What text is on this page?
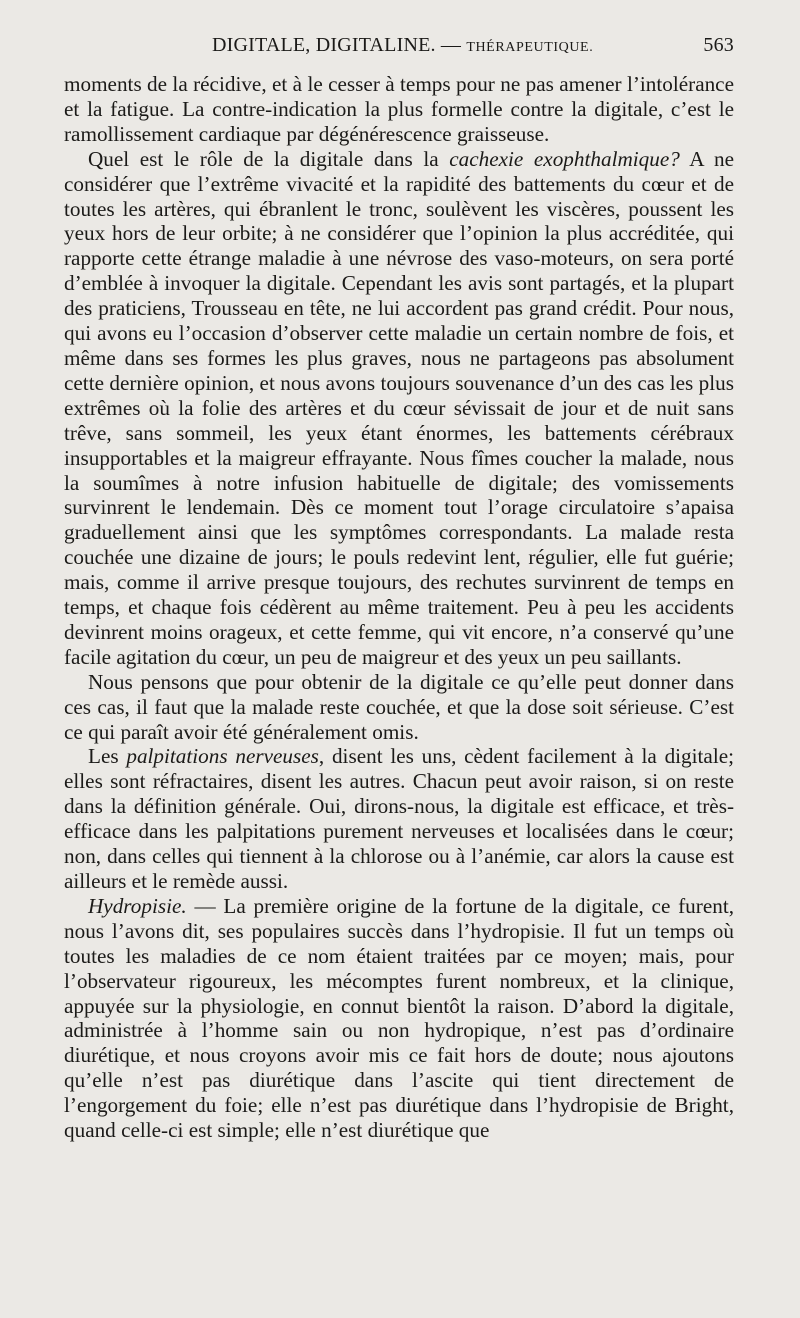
DIGITALE, DIGITALINE. — THÉRAPEUTIQUE.	563

moments de la récidive, et à le cesser à temps pour ne pas amener l’intolérance et la fatigue. La contre-indication la plus formelle contre la digitale, c’est le ramollissement cardiaque par dégénérescence graisseuse.

Quel est le rôle de la digitale dans la cachexie exophthalmique? A ne considérer que l’extrême vivacité et la rapidité des battements du cœur et de toutes les artères, qui ébranlent le tronc, soulèvent les viscères, poussent les yeux hors de leur orbite; à ne considérer que l’opinion la plus accréditée, qui rapporte cette étrange maladie à une névrose des vaso-moteurs, on sera porté d’emblée à invoquer la digitale. Cependant les avis sont partagés, et la plupart des praticiens, Trousseau en tête, ne lui accordent pas grand crédit. Pour nous, qui avons eu l’occasion d’observer cette maladie un certain nombre de fois, et même dans ses formes les plus graves, nous ne partageons pas absolument cette dernière opinion, et nous avons toujours souvenance d’un des cas les plus extrêmes où la folie des artères et du cœur sévissait de jour et de nuit sans trêve, sans sommeil, les yeux étant énormes, les battements cérébraux insupportables et la maigreur effrayante. Nous fîmes coucher la malade, nous la soumîmes à notre infusion habituelle de digitale; des vomissements survinrent le lendemain. Dès ce moment tout l’orage circulatoire s’apaisa graduellement ainsi que les symptômes correspondants. La malade resta couchée une dizaine de jours; le pouls redevint lent, régulier, elle fut guérie; mais, comme il arrive presque toujours, des rechutes survinrent de temps en temps, et chaque fois cédèrent au même traitement. Peu à peu les accidents devinrent moins orageux, et cette femme, qui vit encore, n’a conservé qu’une facile agitation du cœur, un peu de maigreur et des yeux un peu saillants.

Nous pensons que pour obtenir de la digitale ce qu’elle peut donner dans ces cas, il faut que la malade reste couchée, et que la dose soit sérieuse. C’est ce qui paraît avoir été généralement omis.

Les palpitations nerveuses, disent les uns, cèdent facilement à la digitale; elles sont réfractaires, disent les autres. Chacun peut avoir raison, si on reste dans la définition générale. Oui, dirons-nous, la digitale est efficace, et très-efficace dans les palpitations purement nerveuses et localisées dans le cœur; non, dans celles qui tiennent à la chlorose ou à l’anémie, car alors la cause est ailleurs et le remède aussi.

Hydropisie. — La première origine de la fortune de la digitale, ce furent, nous l’avons dit, ses populaires succès dans l’hydropisie. Il fut un temps où toutes les maladies de ce nom étaient traitées par ce moyen; mais, pour l’observateur rigoureux, les mécomptes furent nombreux, et la clinique, appuyée sur la physiologie, en connut bientôt la raison. D’abord la digitale, administrée à l’homme sain ou non hydropique, n’est pas d’ordinaire diurétique, et nous croyons avoir mis ce fait hors de doute; nous ajoutons qu’elle n’est pas diurétique dans l’ascite qui tient directement de l’engorgement du foie; elle n’est pas diurétique dans l’hydropisie de Bright, quand celle-ci est simple; elle n’est diurétique que
